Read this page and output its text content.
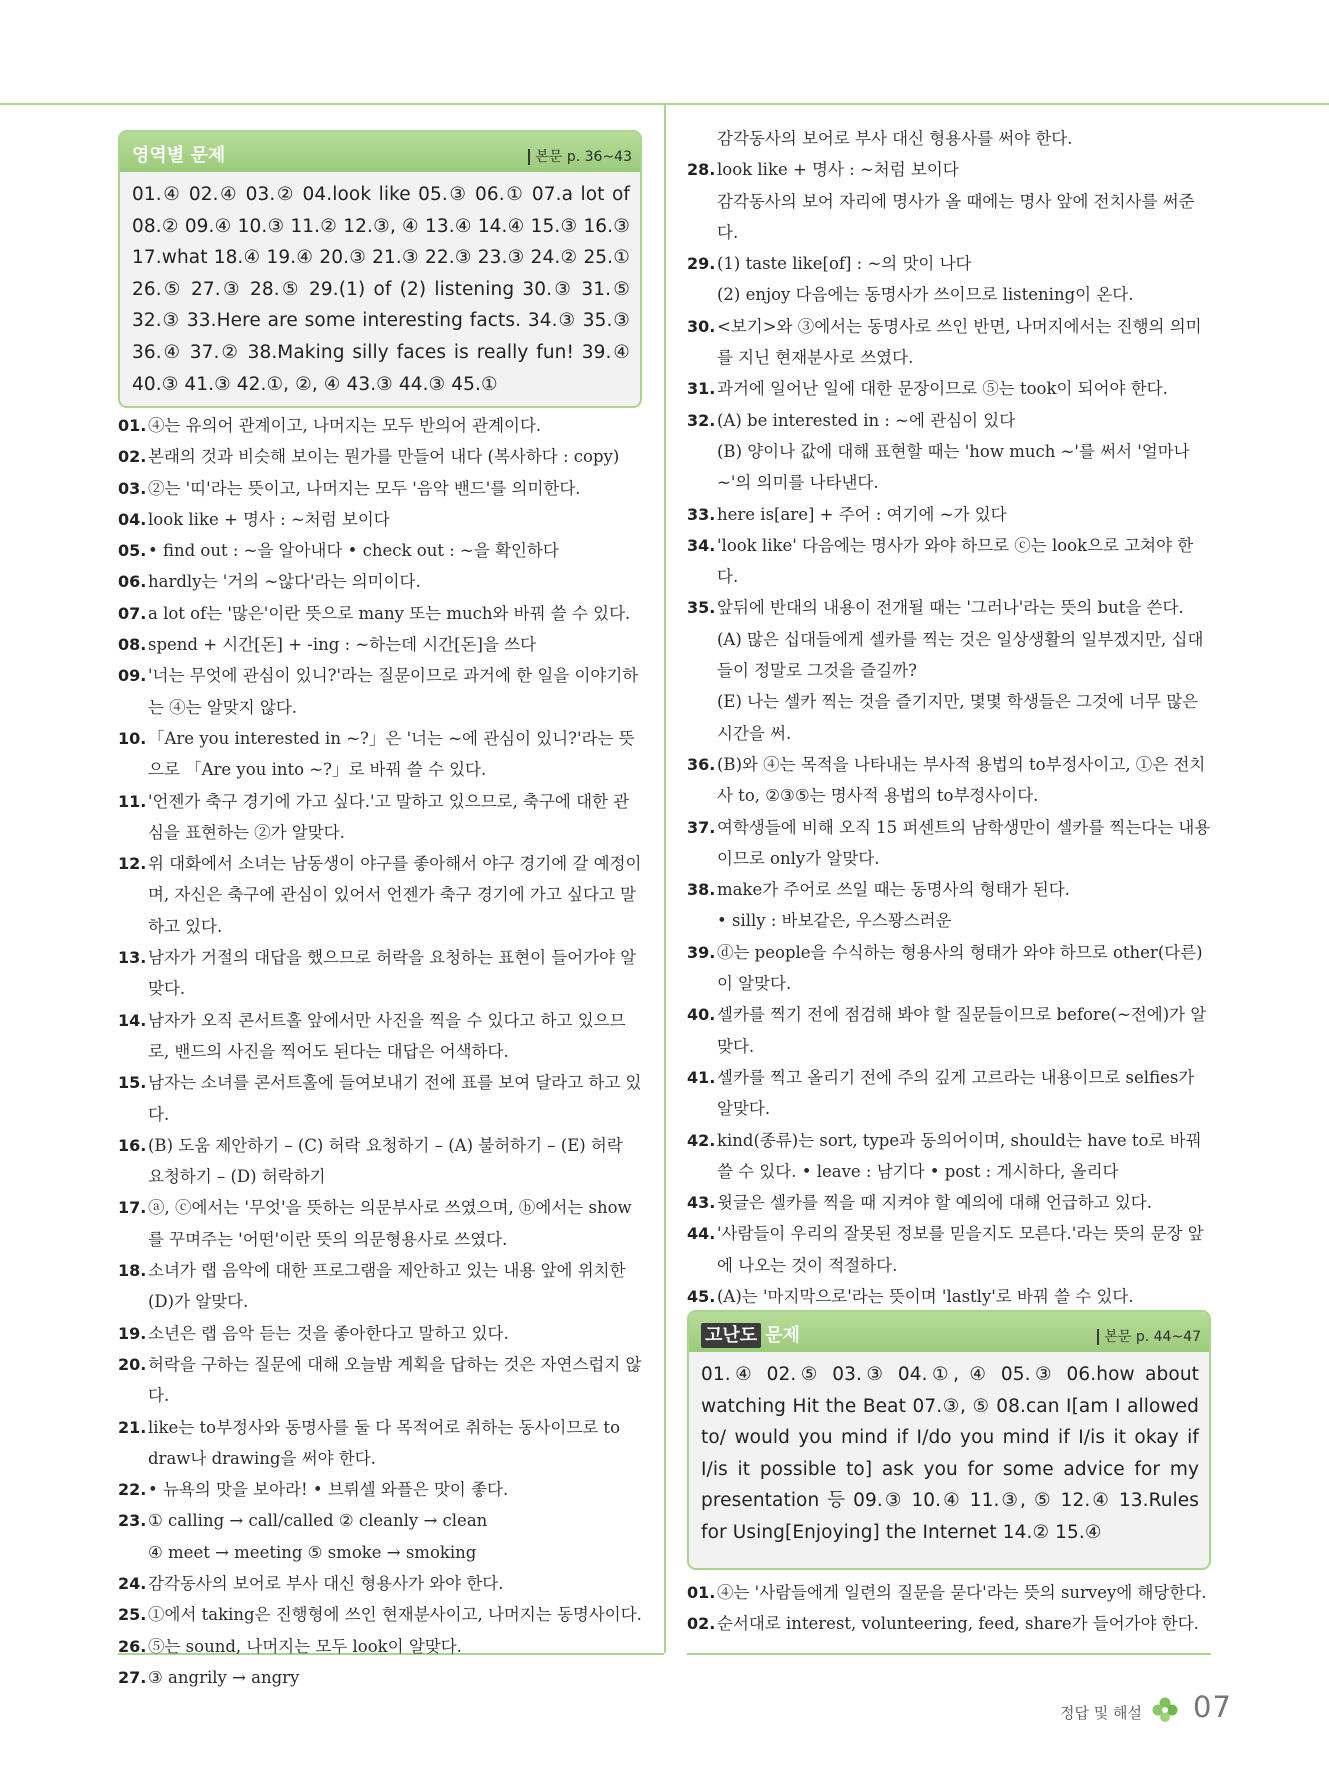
영역별 문제	본문 p. 36~43
01.④ 02.④ 03.② 04.look like 05.③ 06.① 07.a lot of 08.② 09.④ 10.③ 11.② 12.③, ④ 13.④ 14.④ 15.③ 16.③ 17.what 18.④ 19.④ 20.③ 21.③ 22.③ 23.③ 24.② 25.① 26.⑤ 27.③ 28.⑤ 29.(1) of (2) listening 30.③ 31.⑤ 32.③ 33.Here are some interesting facts. 34.③ 35.③ 36.④ 37.② 38.Making silly faces is really fun! 39.④ 40.③ 41.③ 42.①, ②, ④ 43.③ 44.③ 45.①
01. ④는 유의어 관계이고, 나머지는 모두 반의어 관계이다.
02. 본래의 것과 비슷해 보이는 뭔가를 만들어 내다 (복사하다 : copy)
03. ②는 '띠'라는 뜻이고, 나머지는 모두 '음악 밴드'를 의미한다.
04. look like + 명사 : ~처럼 보이다
05. • find out : ~을 알아내다 • check out : ~을 확인하다
06. hardly는 '거의 ~않다'라는 의미이다.
07. a lot of는 '많은'이란 뜻으로 many 또는 much와 바꿔 쓸 수 있다.
08. spend + 시간[돈] + -ing : ~하는데 시간[돈]을 쓰다
09. '너는 무엇에 관심이 있니?'라는 질문이므로 과거에 한 일을 이야기하는 ④는 알맞지 않다.
10. 「Are you interested in ~?」은 '너는 ~에 관심이 있니?'라는 뜻으로 「Are you into ~?」로 바꿔 쓸 수 있다.
11. '언젠가 축구 경기에 가고 싶다.'고 말하고 있으므로, 축구에 대한 관심을 표현하는 ②가 알맞다.
12. 위 대화에서 소녀는 남동생이 야구를 좋아해서 야구 경기에 갈 예정이며, 자신은 축구에 관심이 있어서 언젠가 축구 경기에 가고 싶다고 말하고 있다.
13. 남자가 거절의 대답을 했으므로 허락을 요청하는 표현이 들어가야 알맞다.
14. 남자가 오직 콘서트홀 앞에서만 사진을 찍을 수 있다고 하고 있으므로, 밴드의 사진을 찍어도 된다는 대답은 어색하다.
15. 남자는 소녀를 콘서트홀에 들여보내기 전에 표를 보여 달라고 하고 있다.
16. (B) 도움 제안하기 – (C) 허락 요청하기 – (A) 불허하기 – (E) 허락 요청하기 – (D) 허락하기
17. ⓐ, ⓒ에서는 '무엇'을 뜻하는 의문부사로 쓰였으며, ⓑ에서는 show를 꾸며주는 '어떤'이란 뜻의 의문형용사로 쓰였다.
18. 소녀가 랩 음악에 대한 프로그램을 제안하고 있는 내용 앞에 위치한 (D)가 알맞다.
19. 소년은 랩 음악 듣는 것을 좋아한다고 말하고 있다.
20. 허락을 구하는 질문에 대해 오늘밤 계획을 답하는 것은 자연스럽지 않다.
21. like는 to부정사와 동명사를 둘 다 목적어로 취하는 동사이므로 to draw나 drawing을 써야 한다.
22. • 뉴욕의 맛을 보아라! • 브뤼셀 와플은 맛이 좋다.
23. ① calling → call/called ② cleanly → clean
④ meet → meeting ⑤ smoke → smoking
24. 감각동사의 보어로 부사 대신 형용사가 와야 한다.
25. ①에서 taking은 진행형에 쓰인 현재분사이고, 나머지는 동명사이다.
26. ⑤는 sound, 나머지는 모두 look이 알맞다.
27. ③ angrily → angry
감각동사의 보어로 부사 대신 형용사를 써야 한다.
28. look like + 명사 : ~처럼 보이다
감각동사의 보어 자리에 명사가 올 때에는 명사 앞에 전치사를 써준다.
29. (1) taste like[of] : ~의 맛이 나다
(2) enjoy 다음에는 동명사가 쓰이므로 listening이 온다.
30. <보기>와 ③에서는 동명사로 쓰인 반면, 나머지에서는 진행의 의미를 지닌 현재분사로 쓰였다.
31. 과거에 일어난 일에 대한 문장이므로 ⑤는 took이 되어야 한다.
32. (A) be interested in : ~에 관심이 있다
(B) 양이나 값에 대해 표현할 때는 'how much ~'를 써서 '얼마나 ~'의 의미를 나타낸다.
33. here is[are] + 주어 : 여기에 ~가 있다
34. 'look like' 다음에는 명사가 와야 하므로 ⓒ는 look으로 고쳐야 한다.
35. 앞뒤에 반대의 내용이 전개될 때는 '그러나'라는 뜻의 but을 쓴다.
(A) 많은 십대들에게 셀카를 찍는 것은 일상생활의 일부겠지만, 십대들이 정말로 그것을 즐길까?
(E) 나는 셀카 찍는 것을 즐기지만, 몇몇 학생들은 그것에 너무 많은 시간을 써.
36. (B)와 ④는 목적을 나타내는 부사적 용법의 to부정사이고, ①은 전치사 to, ②③⑤는 명사적 용법의 to부정사이다.
37. 여학생들에 비해 오직 15 퍼센트의 남학생만이 셀카를 찍는다는 내용이므로 only가 알맞다.
38. make가 주어로 쓰일 때는 동명사의 형태가 된다.
• silly : 바보같은, 우스꽝스러운
39. ⓓ는 people을 수식하는 형용사의 형태가 와야 하므로 other(다른)이 알맞다.
40. 셀카를 찍기 전에 점검해 봐야 할 질문들이므로 before(~전에)가 알맞다.
41. 셀카를 찍고 올리기 전에 주의 깊게 고르라는 내용이므로 selfies가 알맞다.
42. kind(종류)는 sort, type과 동의어이며, should는 have to로 바꿔 쓸 수 있다. • leave : 남기다 • post : 게시하다, 올리다
43. 윗글은 셀카를 찍을 때 지켜야 할 예의에 대해 언급하고 있다.
44. '사람들이 우리의 잘못된 정보를 믿을지도 모른다.'라는 뜻의 문장 앞에 나오는 것이 적절하다.
45. (A)는 '마지막으로'라는 뜻이며 'lastly'로 바꿔 쓸 수 있다.
고난도 문제	본문 p. 44~47
01.④ 02.⑤ 03.③ 04.①, ④ 05.③ 06.how about watching Hit the Beat 07.③, ⑤ 08.can I[am I allowed to/ would you mind if I/do you mind if I/is it okay if I/is it possible to] ask you for some advice for my presentation 등 09.③ 10.④ 11.③, ⑤ 12.④ 13.Rules for Using[Enjoying] the Internet 14.② 15.④
01. ④는 '사람들에게 일련의 질문을 묻다'라는 뜻의 survey에 해당한다.
02. 순서대로 interest, volunteering, feed, share가 들어가야 한다.
정답 및 해설 07
